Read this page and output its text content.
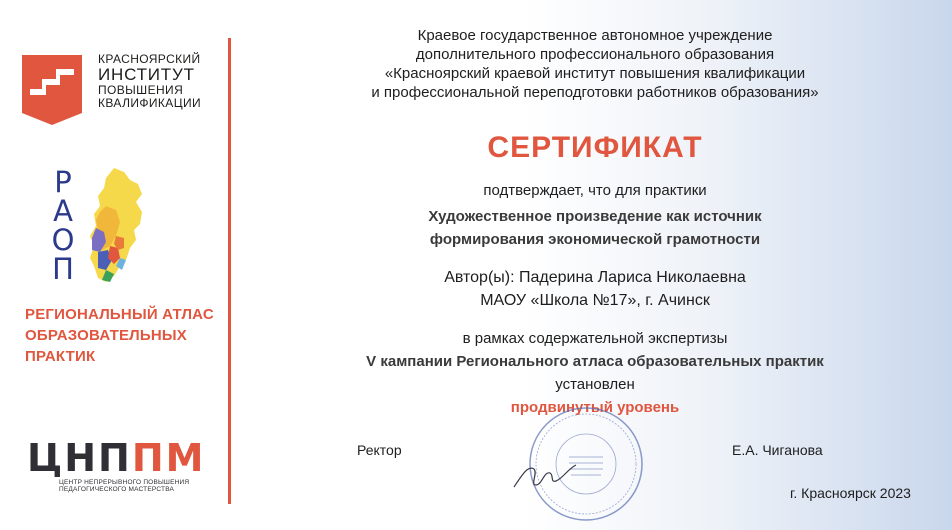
КРАСНОЯРСКИЙ
ИНСТИТУТ
ПОВЫШЕНИЯ
КВАЛИФИКАЦИИ
Р
А
О
П
РЕГИОНАЛЬНЫЙ АТЛАС
ОБРАЗОВАТЕЛЬНЫХ
ПРАКТИК
ЦНППМ
ЦЕНТР НЕПРЕРЫВНОГО ПОВЫШЕНИЯ
ПЕДАГОГИЧЕСКОГО МАСТЕРСТВА
Краевое государственное автономное учреждение
дополнительного профессионального образования
«Красноярский краевой институт повышения квалификации
и профессиональной переподготовки работников образования»
СЕРТИФИКАТ
подтверждает, что для практики
Художественное произведение как источник
формирования экономической грамотности
Автор(ы): Падерина Лариса Николаевна
МАОУ «Школа №17», г. Ачинск
в рамках содержательной экспертизы
V кампании Регионального атласа образовательных практик
установлен
продвинутый уровень
Ректор	Е.А. Чиганова
г. Красноярск 2023
